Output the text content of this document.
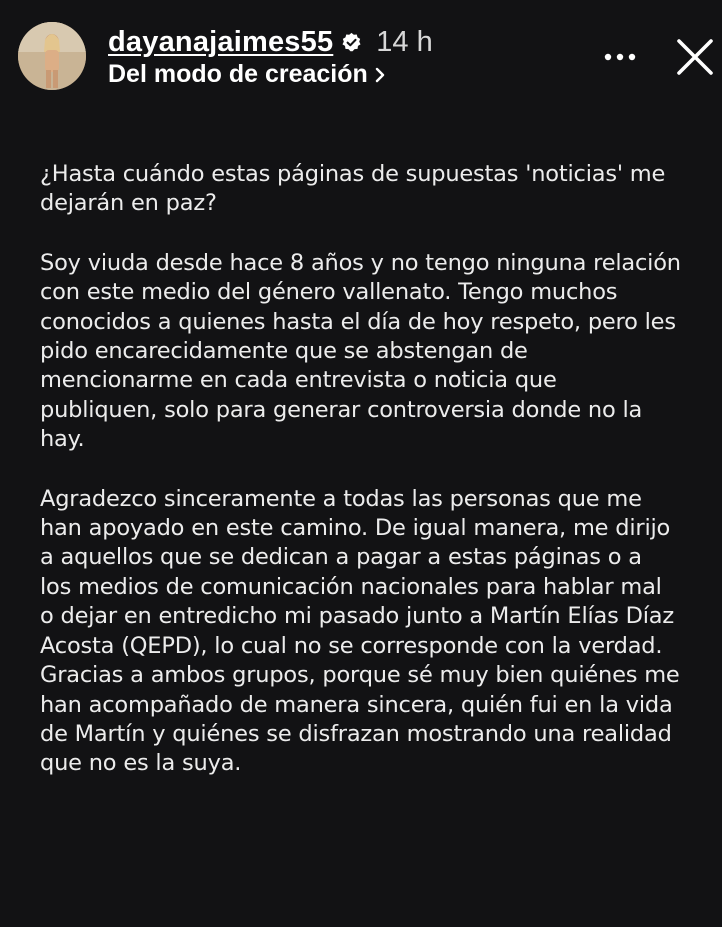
dayanajaimes55 14 h
Del modo de creación

¿Hasta cuándo estas páginas de supuestas 'noticias' me
dejarán en paz?

Soy viuda desde hace 8 años y no tengo ninguna relación
con este medio del género vallenato. Tengo muchos
conocidos a quienes hasta el día de hoy respeto, pero les
pido encarecidamente que se abstengan de
mencionarme en cada entrevista o noticia que
publiquen, solo para generar controversia donde no la
hay.

Agradezco sinceramente a todas las personas que me
han apoyado en este camino. De igual manera, me dirijo
a aquellos que se dedican a pagar a estas páginas o a
los medios de comunicación nacionales para hablar mal
o dejar en entredicho mi pasado junto a Martín Elías Díaz
Acosta (QEPD), lo cual no se corresponde con la verdad.
Gracias a ambos grupos, porque sé muy bien quiénes me
han acompañado de manera sincera, quién fui en la vida
de Martín y quiénes se disfrazan mostrando una realidad
que no es la suya.
